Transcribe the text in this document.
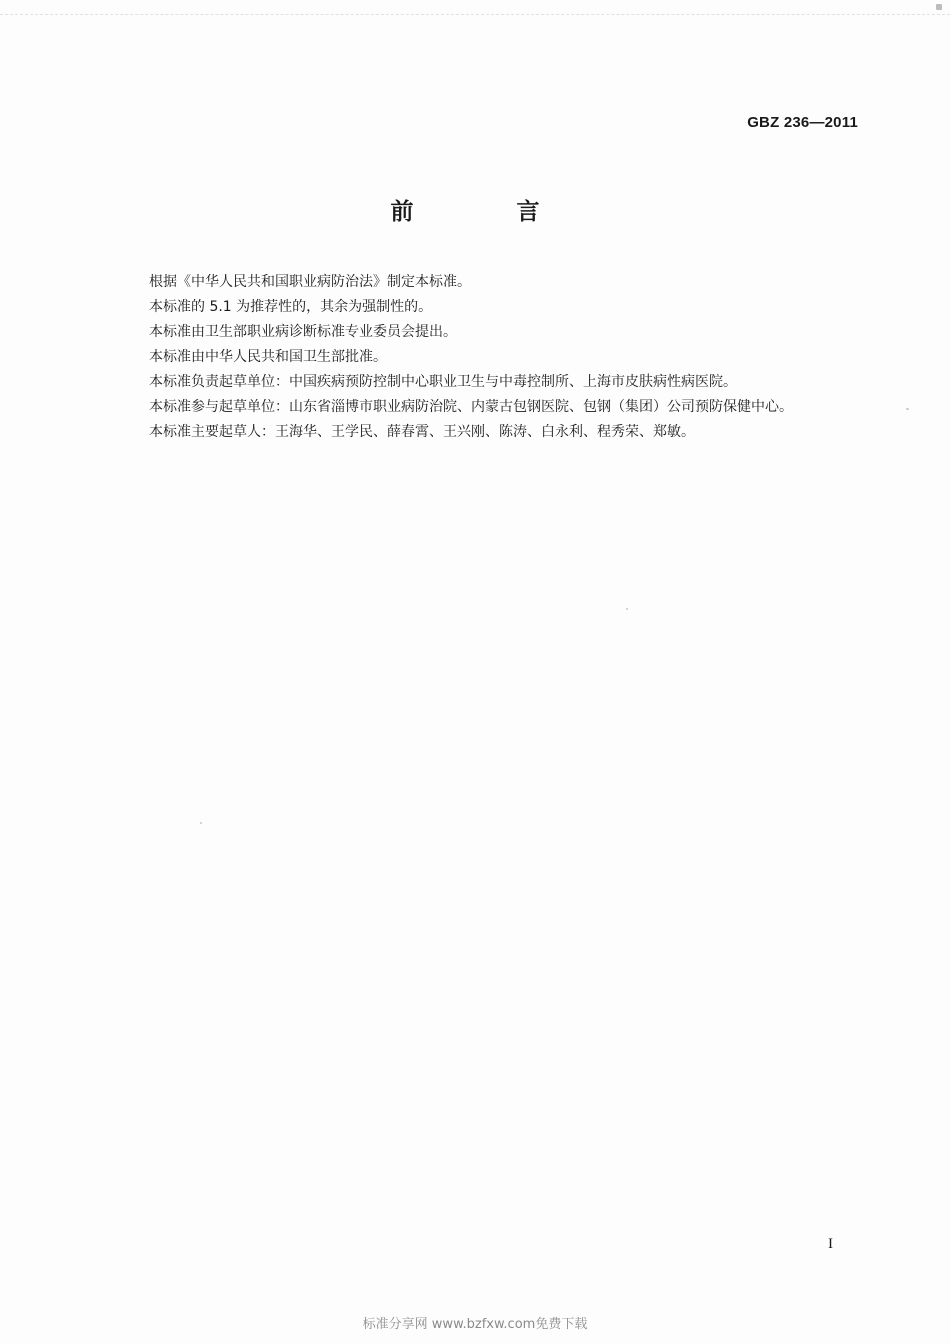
GBZ 236—2011
前　言

根据《中华人民共和国职业病防治法》制定本标准。

本标准的 5.1 为推荐性的，其余为强制性的。

本标准由卫生部职业病诊断标准专业委员会提出。

本标准由中华人民共和国卫生部批准。

本标准负责起草单位：中国疾病预防控制中心职业卫生与中毒控制所、上海市皮肤病性病医院。

本标准参与起草单位：山东省淄博市职业病防治院、内蒙古包钢医院、包钢（集团）公司预防保健中心。

本标准主要起草人：王海华、王学民、薛春霄、王兴刚、陈涛、白永利、程秀荣、郑敏。

I
标准分享网 www.bzfxw.com免费下载
